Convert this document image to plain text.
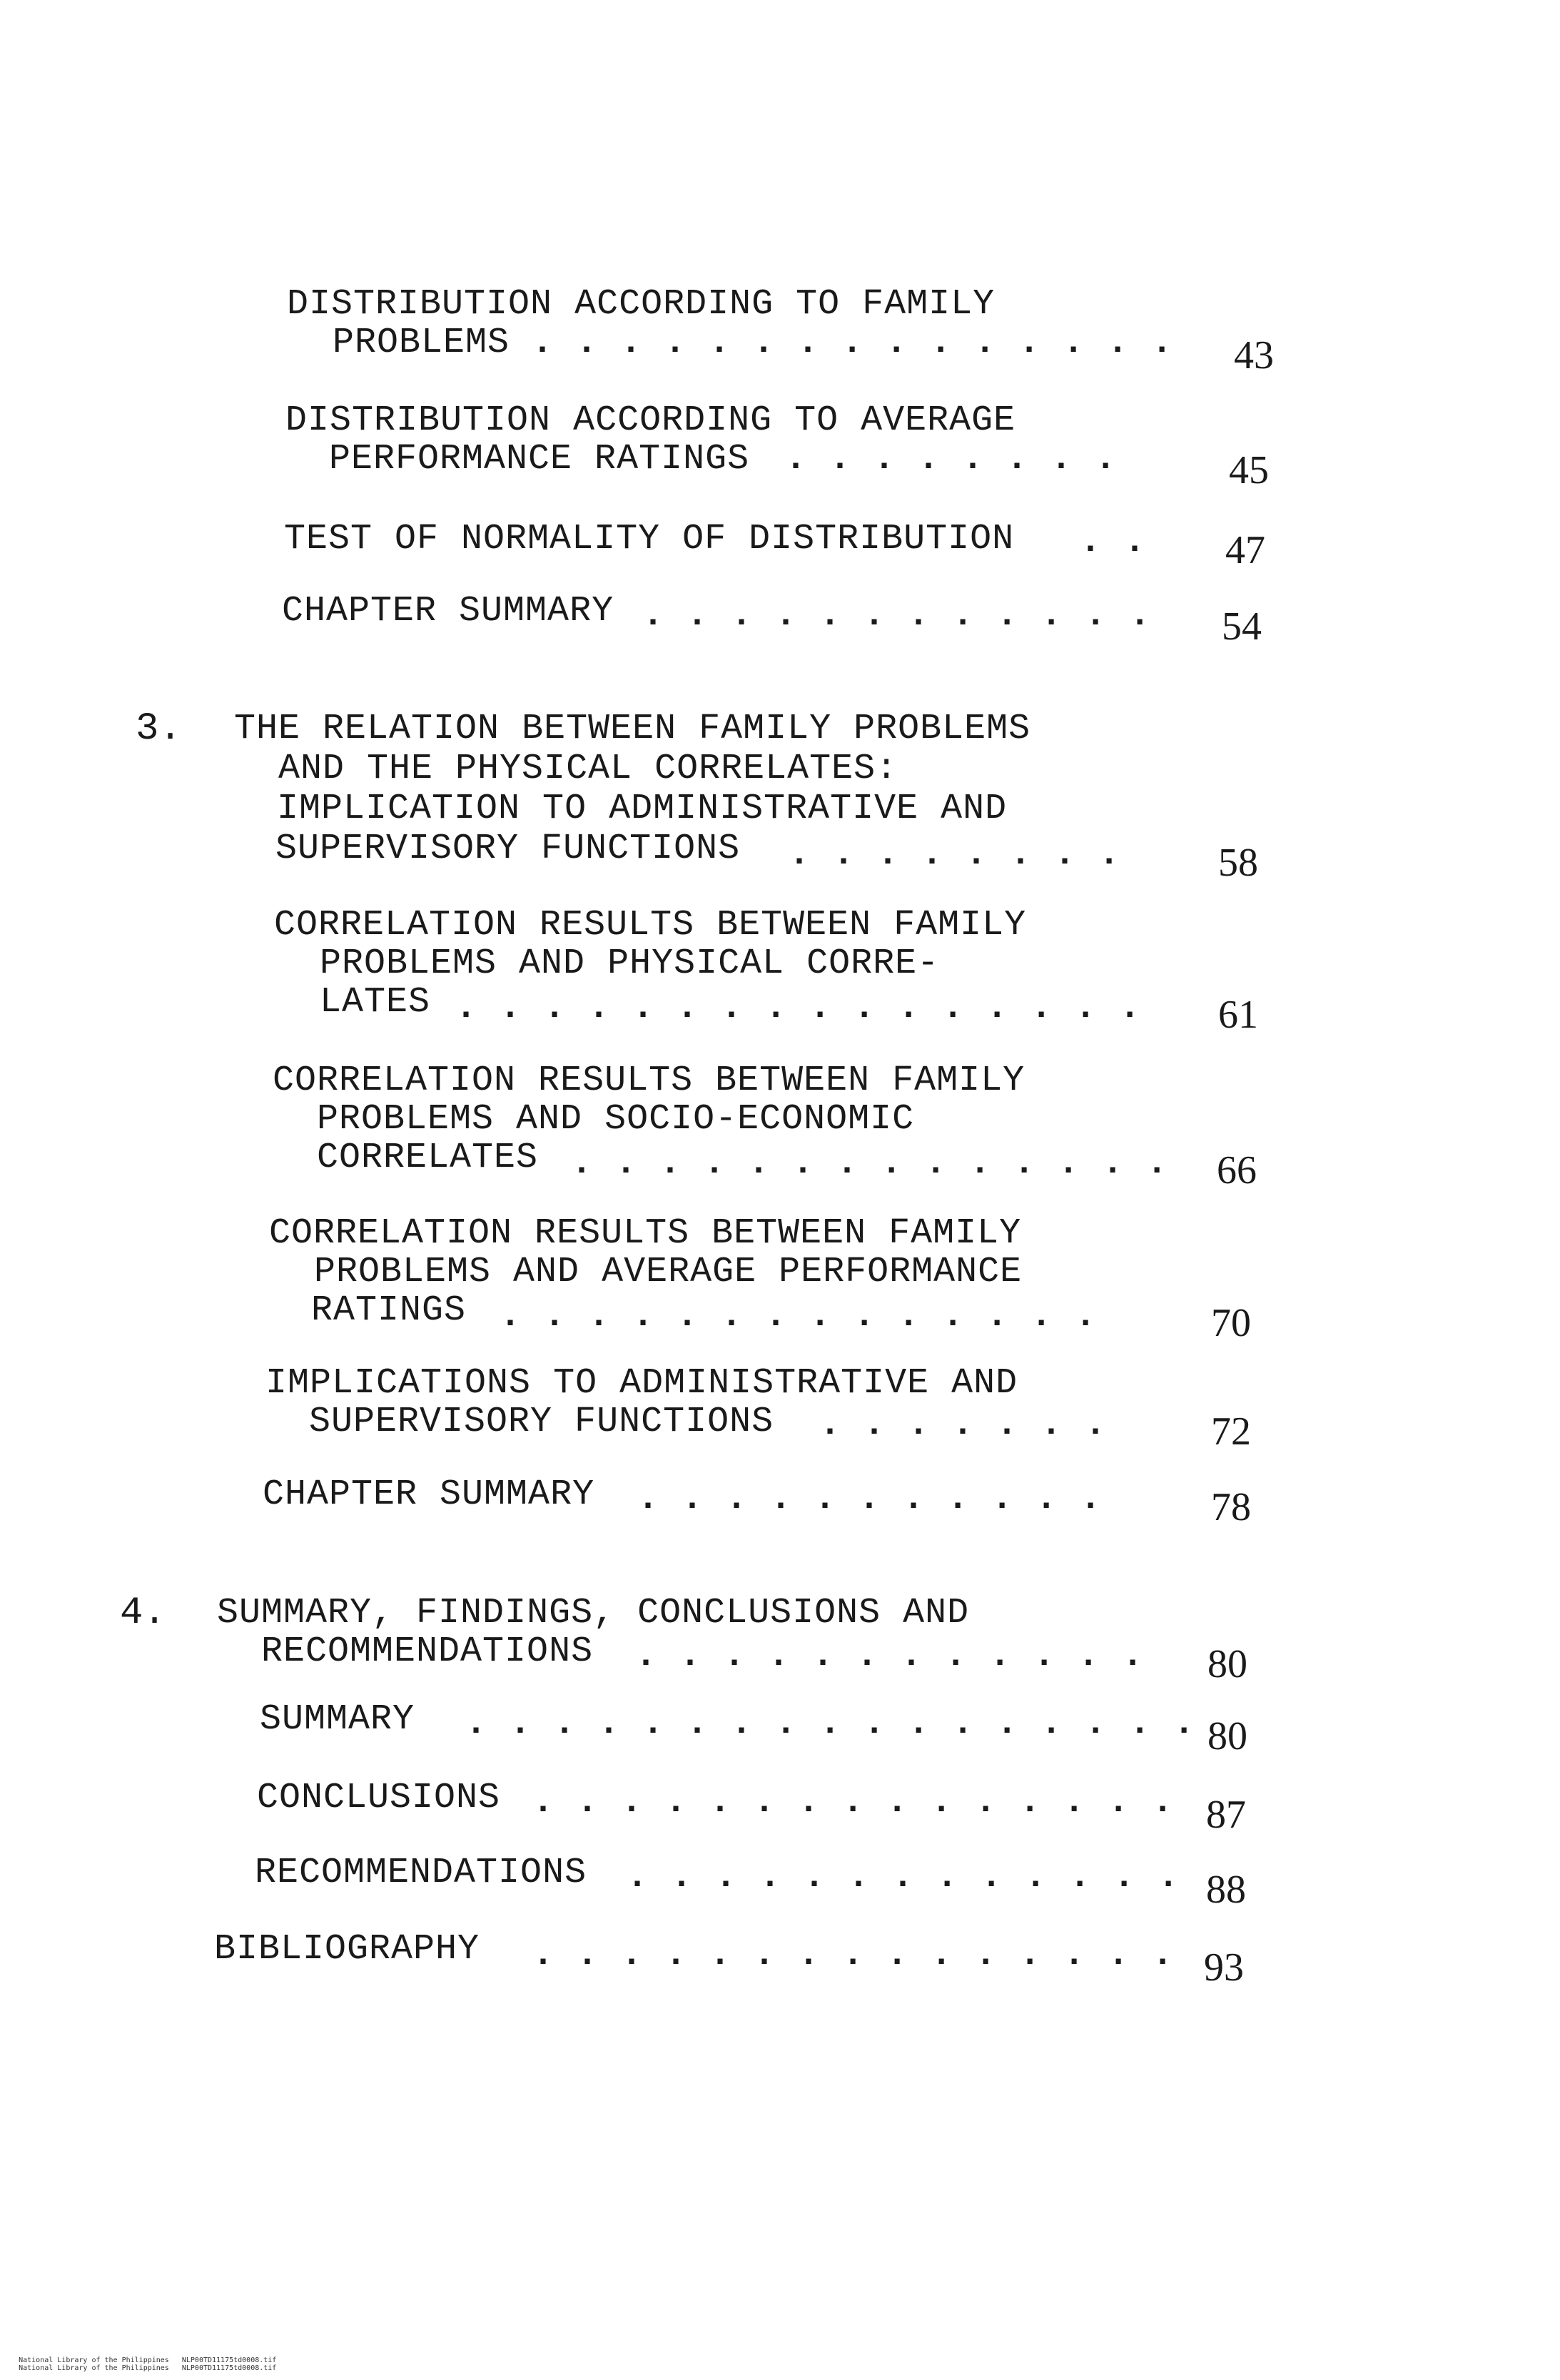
DISTRIBUTION ACCORDING TO FAMILY
PROBLEMS . . . . . . . . . . . . . . .	43
DISTRIBUTION ACCORDING TO AVERAGE
PERFORMANCE RATINGS . . . . . . . .	45
TEST OF NORMALITY OF DISTRIBUTION . .	47
CHAPTER SUMMARY . . . . . . . . . . . .	54
3. THE RELATION BETWEEN FAMILY PROBLEMS
AND THE PHYSICAL CORRELATES:
IMPLICATION TO ADMINISTRATIVE AND
SUPERVISORY FUNCTIONS . . . . . . . .	58
CORRELATION RESULTS BETWEEN FAMILY
PROBLEMS AND PHYSICAL CORRE-
LATES . . . . . . . . . . . . . . . .	61
CORRELATION RESULTS BETWEEN FAMILY
PROBLEMS AND SOCIO-ECONOMIC
CORRELATES . . . . . . . . . . . . . .	66
CORRELATION RESULTS BETWEEN FAMILY
PROBLEMS AND AVERAGE PERFORMANCE
RATINGS . . . . . . . . . . . . . .	70
IMPLICATIONS TO ADMINISTRATIVE AND
SUPERVISORY FUNCTIONS . . . . . . .	72
CHAPTER SUMMARY . . . . . . . . . . .	78
4. SUMMARY, FINDINGS, CONCLUSIONS AND
RECOMMENDATIONS . . . . . . . . . . . .	80
SUMMARY . . . . . . . . . . . . . . . . . 80
CONCLUSIONS . . . . . . . . . . . . . . . 87
RECOMMENDATIONS . . . . . . . . . . . . . 88
BIBLIOGRAPHY . . . . . . . . . . . . . . . 93

National Library of the Philippines NLP00TD11175td0008.tif

National Library of the Philippines NLP00TD11175td0008.tif
